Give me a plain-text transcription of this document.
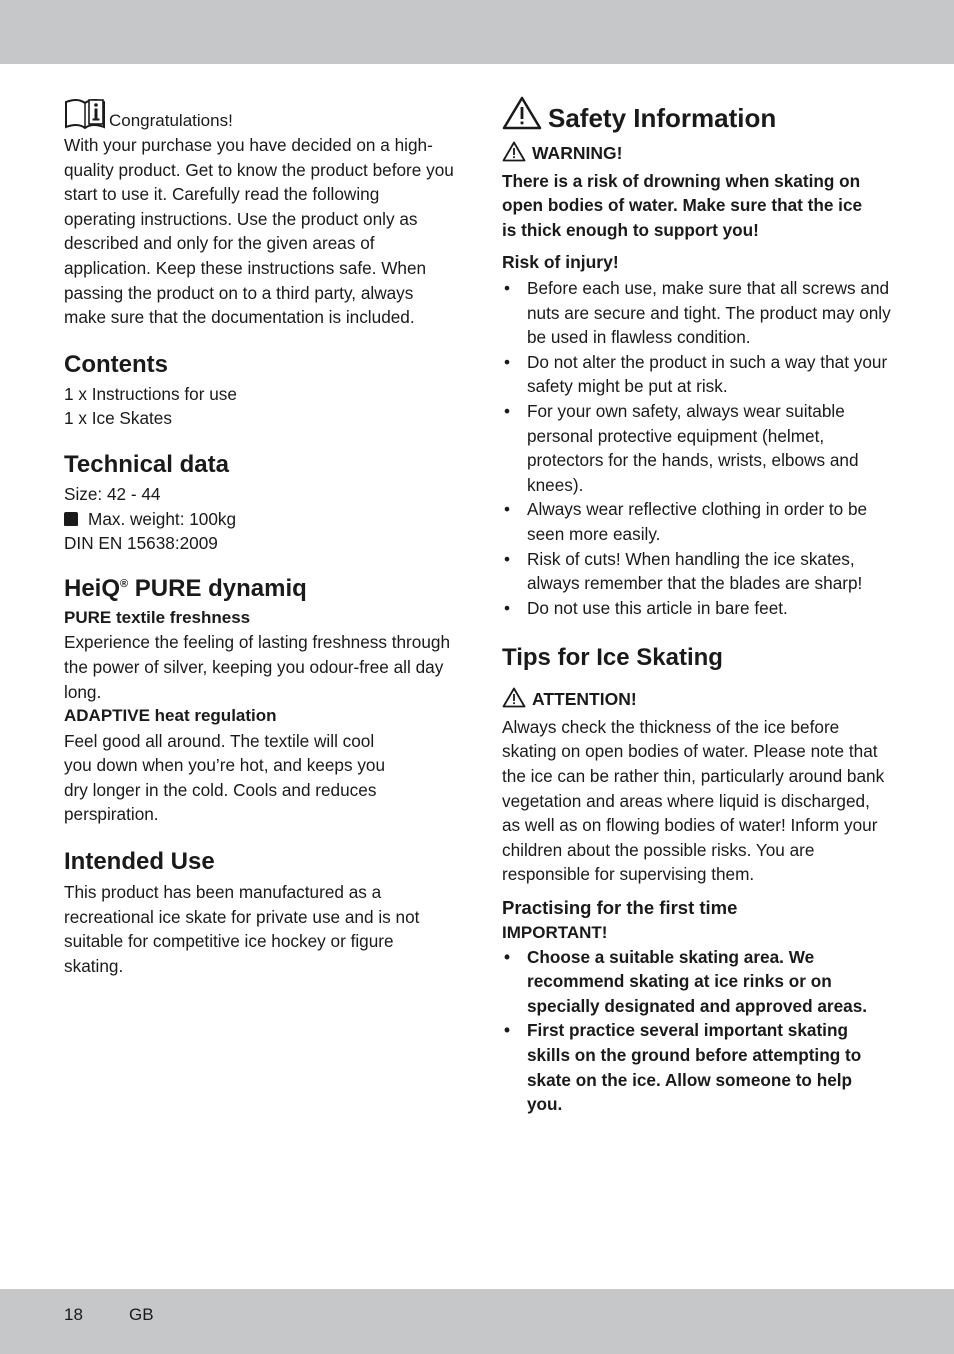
Congratulations!

With your purchase you have decided on a high-quality product. Get to know the product before you start to use it. Carefully read the following operating instructions. Use the product only as described and only for the given areas of application. Keep these instructions safe. When passing the product on to a third party, always make sure that the documentation is included.

Contents

1 x Instructions for use

1 x Ice Skates

Technical data

Size: 42 - 44

Max. weight: 100kg

DIN EN 15638:2009

HeiQ® PURE dynamiq

PURE textile freshness

Experience the feeling of lasting freshness through the power of silver, keeping you odour-free all day long.

ADAPTIVE heat regulation

Feel good all around. The textile will cool you down when you’re hot, and keeps you dry longer in the cold. Cools and reduces perspiration.

Intended Use

This product has been manufactured as a recreational ice skate for private use and is not suitable for competitive ice hockey or figure skating.

Safety Information
WARNING!

There is a risk of drowning when skating on open bodies of water. Make sure that the ice is thick enough to support you!

Risk of injury!
• Before each use, make sure that all screws and nuts are secure and tight. The product may only be used in flawless condition.
• Do not alter the product in such a way that your safety might be put at risk.
• For your own safety, always wear suitable personal protective equipment (helmet, protectors for the hands, wrists, elbows and knees).
• Always wear reflective clothing in order to be seen more easily.
• Risk of cuts! When handling the ice skates, always remember that the blades are sharp!
• Do not use this article in bare feet.
Tips for Ice Skating
ATTENTION!

Always check the thickness of the ice before skating on open bodies of water. Please note that the ice can be rather thin, particularly around bank vegetation and areas where liquid is discharged, as well as on flowing bodies of water! Inform your children about the possible risks. You are responsible for supervising them.

Practising for the first time

IMPORTANT!

• Choose a suitable skating area. We recommend skating at ice rinks or on specially designated and approved areas.
• First practice several important skating skills on the ground before attempting to skate on the ice. Allow someone to help you.
18	GB
